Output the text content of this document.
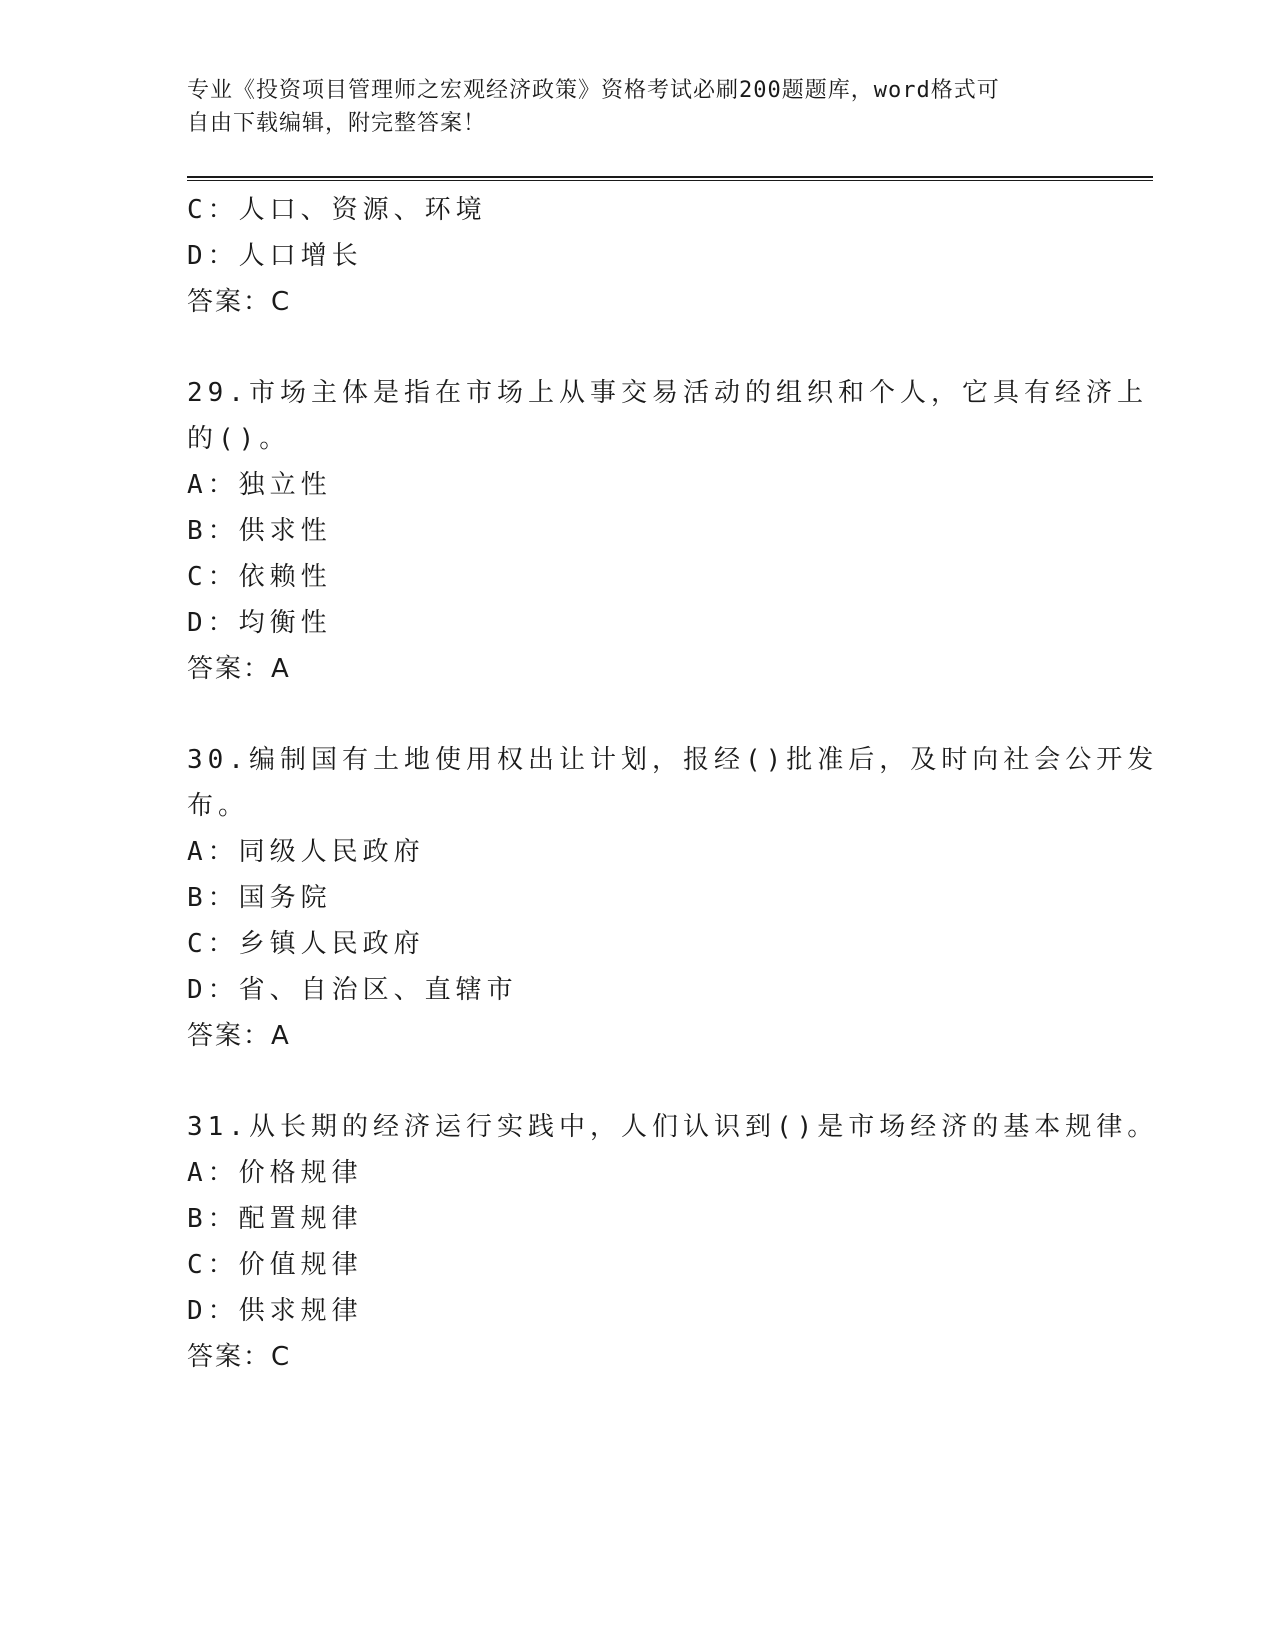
专业《投资项目管理师之宏观经济政策》资格考试必刷200题题库，word格式可
自由下载编辑，附完整答案！
C：人口、资源、环境
D：人口增长
答案：C
29.市场主体是指在市场上从事交易活动的组织和个人，它具有经济上
的()。
A：独立性
B：供求性
C：依赖性
D：均衡性
答案：A
30.编制国有土地使用权出让计划，报经()批准后，及时向社会公开发
布。
A：同级人民政府
B：国务院
C：乡镇人民政府
D：省、自治区、直辖市
答案：A
31.从长期的经济运行实践中，人们认识到()是市场经济的基本规律。
A：价格规律
B：配置规律
C：价值规律
D：供求规律
答案：C
